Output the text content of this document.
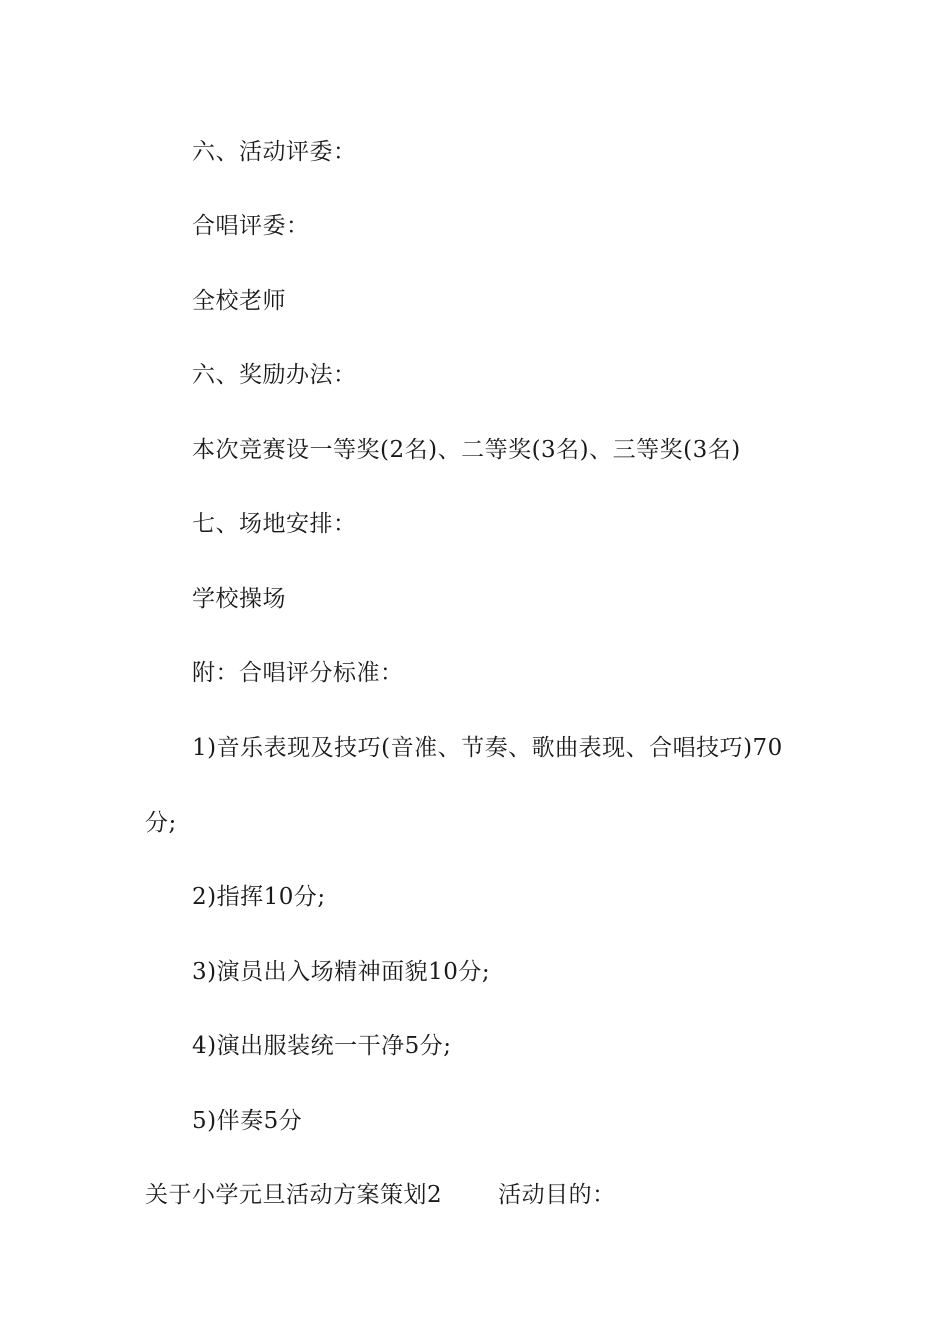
六、活动评委：
合唱评委：
全校老师
六、奖励办法：
本次竞赛设一等奖(2名)、二等奖(3名)、三等奖(3名)
七、场地安排：
学校操场
附：合唱评分标准：
1)音乐表现及技巧(音准、节奏、歌曲表现、合唱技巧)70
分;
2)指挥10分;
3)演员出入场精神面貌10分;
4)演出服装统一干净5分;
5)伴奏5分
关于小学元旦活动方案策划2 活动目的：
